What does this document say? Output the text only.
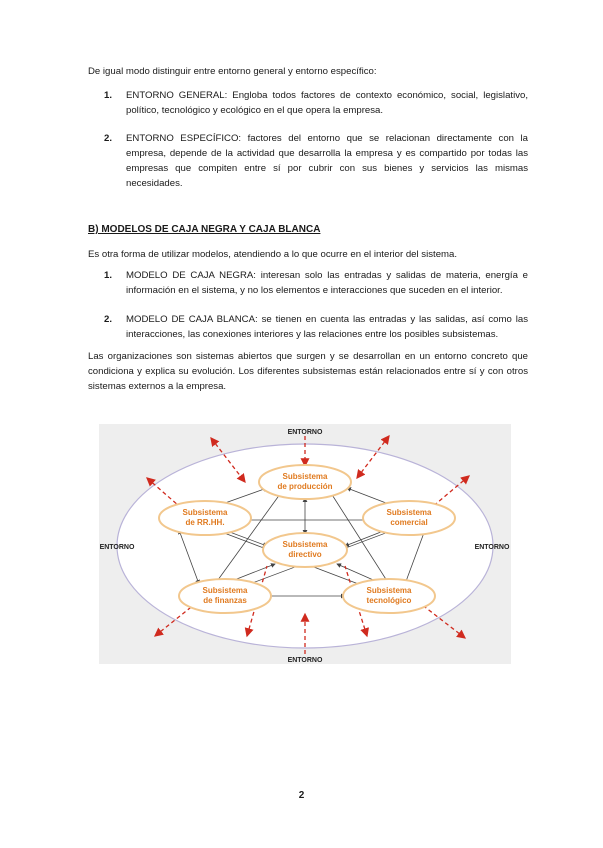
De igual modo distinguir entre entorno general y entorno específico:

1.	ENTORNO GENERAL: Engloba todos factores de contexto económico, social, legislativo, político, tecnológico y ecológico en el que opera la empresa.
2.	ENTORNO ESPECÍFICO: factores del entorno que se relacionan directamente con la empresa, depende de la actividad que desarrolla la empresa y es compartido por todas las empresas que compiten entre sí por cubrir con sus bienes y servicios las mismas necesidades.

B) MODELOS DE CAJA NEGRA Y CAJA BLANCA

Es otra forma de utilizar modelos, atendiendo a lo que ocurre en el interior del sistema.

1.	MODELO DE CAJA NEGRA: interesan solo las entradas y salidas de materia, energía e información en el sistema, y no los elementos e interacciones que suceden en el interior.
2.	MODELO DE CAJA BLANCA: se tienen en cuenta las entradas y las salidas, así como las interacciones, las conexiones interiores y las relaciones entre los posibles subsistemas.

Las organizaciones son sistemas abiertos que surgen y se desarrollan en un entorno concreto que condiciona y explica su evolución. Los diferentes subsistemas están relacionados entre sí y con otros sistemas externos a la empresa.

Subsistema
de producción
Subsistema
de RR.HH.
Subsistema
comercial
Subsistema
directivo
Subsistema
de finanzas
Subsistema
tecnológico
ENTORNO
ENTORNO
ENTORNO	ENTORNO

2
